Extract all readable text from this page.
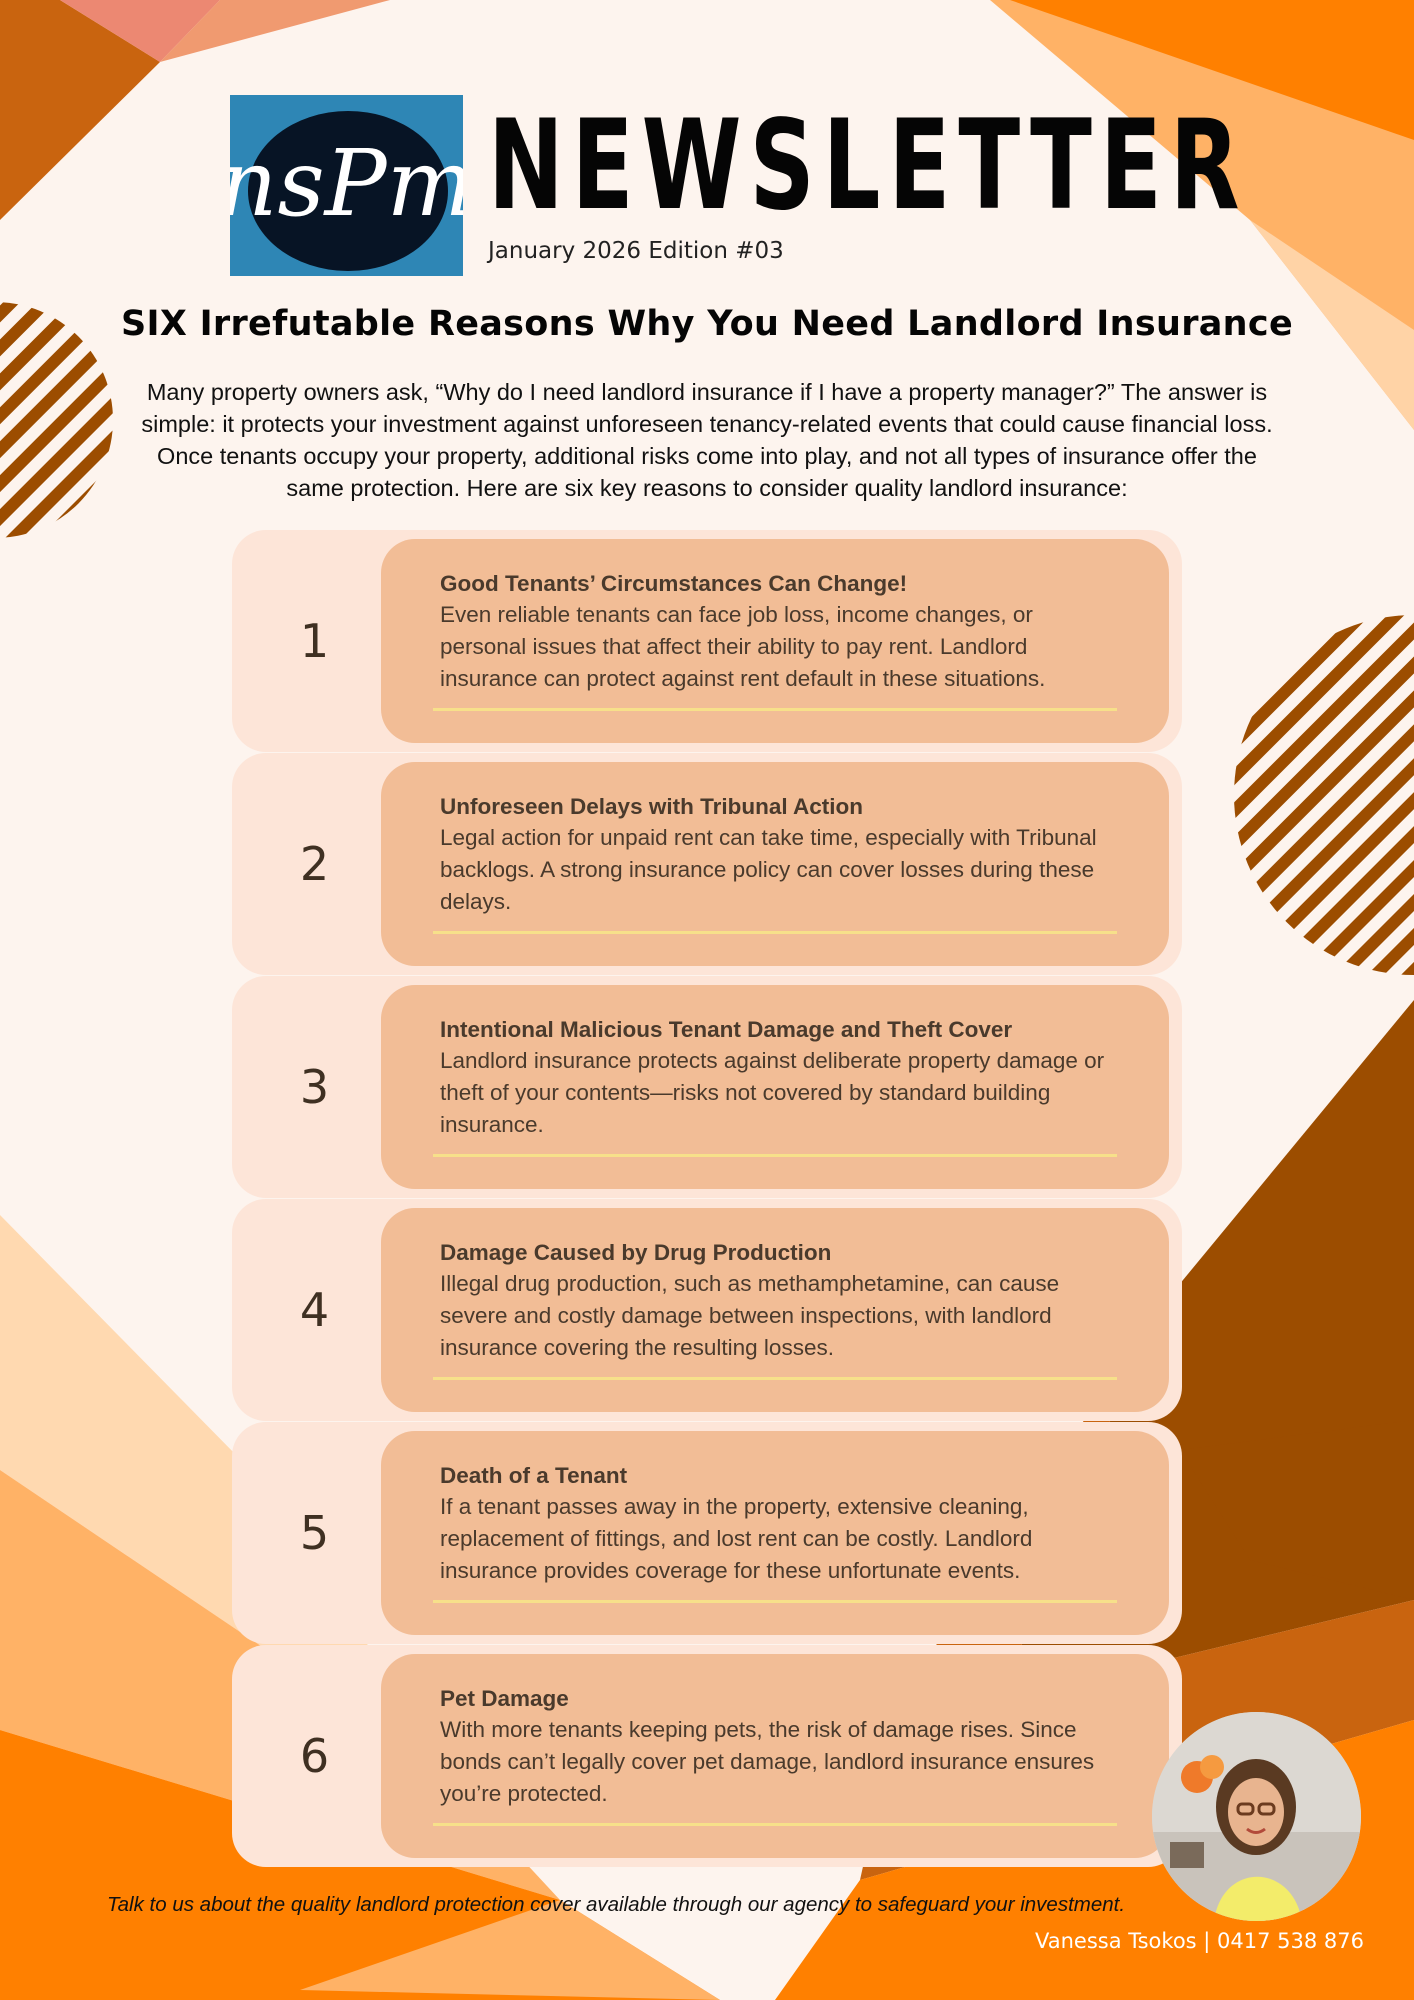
nsPm NEWSLETTER
January 2026 Edition #03
SIX Irrefutable Reasons Why You Need Landlord Insurance
Many property owners ask, “Why do I need landlord insurance if I have a property manager?” The answer is simple: it protects your investment against unforeseen tenancy-related events that could cause financial loss. Once tenants occupy your property, additional risks come into play, and not all types of insurance offer the same protection. Here are six key reasons to consider quality landlord insurance:
1
Good Tenants’ Circumstances Can Change!
Even reliable tenants can face job loss, income changes, or personal issues that affect their ability to pay rent. Landlord insurance can protect against rent default in these situations.
2
Unforeseen Delays with Tribunal Action
Legal action for unpaid rent can take time, especially with Tribunal backlogs. A strong insurance policy can cover losses during these delays.
3
Intentional Malicious Tenant Damage and Theft Cover
Landlord insurance protects against deliberate property damage or theft of your contents—risks not covered by standard building insurance.
4
Damage Caused by Drug Production
Illegal drug production, such as methamphetamine, can cause severe and costly damage between inspections, with landlord insurance covering the resulting losses.
5
Death of a Tenant
If a tenant passes away in the property, extensive cleaning, replacement of fittings, and lost rent can be costly. Landlord insurance provides coverage for these unfortunate events.
6
Pet Damage
With more tenants keeping pets, the risk of damage rises. Since bonds can’t legally cover pet damage, landlord insurance ensures you’re protected.
Talk to us about the quality landlord protection cover available through our agency to safeguard your investment.
Vanessa Tsokos | 0417 538 876
